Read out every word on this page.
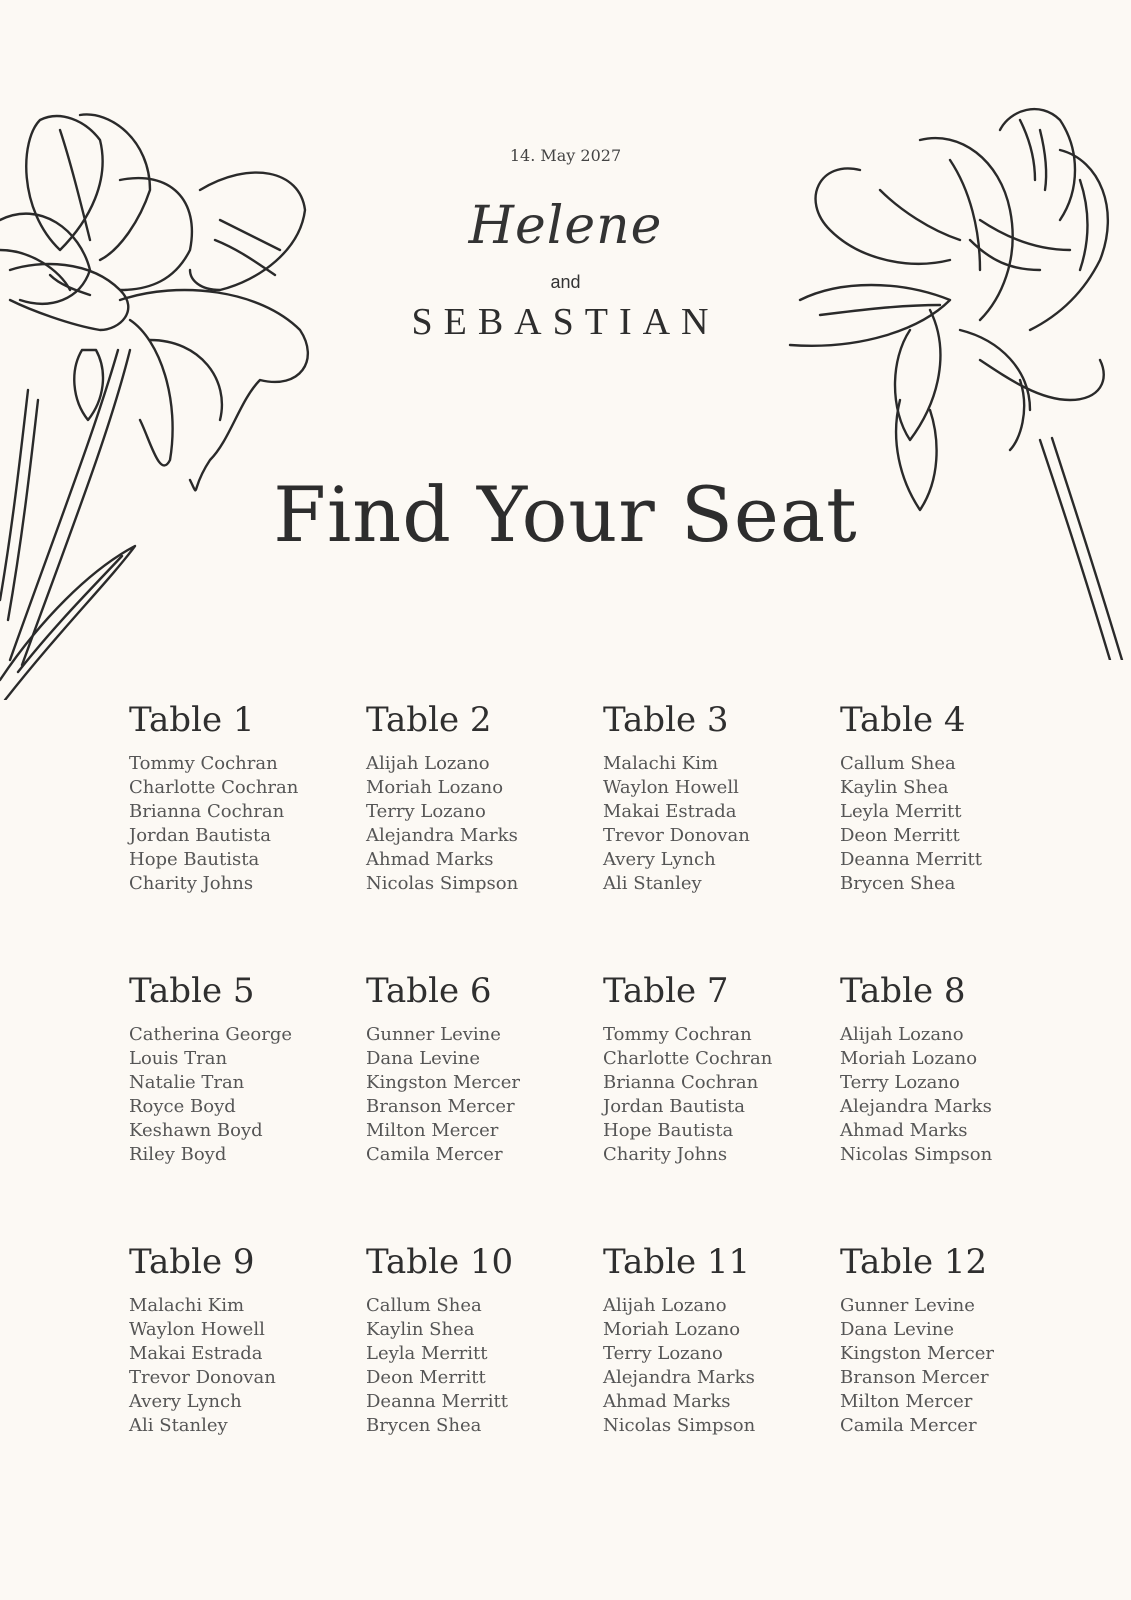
14. May 2027
Helene
and
SEBASTIAN
Find Your Seat
Table 1
Tommy Cochran
Charlotte Cochran
Brianna Cochran
Jordan Bautista
Hope Bautista
Charity Johns
Table 2
Alijah Lozano
Moriah Lozano
Terry Lozano
Alejandra Marks
Ahmad Marks
Nicolas Simpson
Table 3
Malachi Kim
Waylon Howell
Makai Estrada
Trevor Donovan
Avery Lynch
Ali Stanley
Table 4
Callum Shea
Kaylin Shea
Leyla Merritt
Deon Merritt
Deanna Merritt
Brycen Shea
Table 5
Catherina George
Louis Tran
Natalie Tran
Royce Boyd
Keshawn Boyd
Riley Boyd
Table 6
Gunner Levine
Dana Levine
Kingston Mercer
Branson Mercer
Milton Mercer
Camila Mercer
Table 7
Tommy Cochran
Charlotte Cochran
Brianna Cochran
Jordan Bautista
Hope Bautista
Charity Johns
Table 8
Alijah Lozano
Moriah Lozano
Terry Lozano
Alejandra Marks
Ahmad Marks
Nicolas Simpson
Table 9
Malachi Kim
Waylon Howell
Makai Estrada
Trevor Donovan
Avery Lynch
Ali Stanley
Table 10
Callum Shea
Kaylin Shea
Leyla Merritt
Deon Merritt
Deanna Merritt
Brycen Shea
Table 11
Alijah Lozano
Moriah Lozano
Terry Lozano
Alejandra Marks
Ahmad Marks
Nicolas Simpson
Table 12
Gunner Levine
Dana Levine
Kingston Mercer
Branson Mercer
Milton Mercer
Camila Mercer
